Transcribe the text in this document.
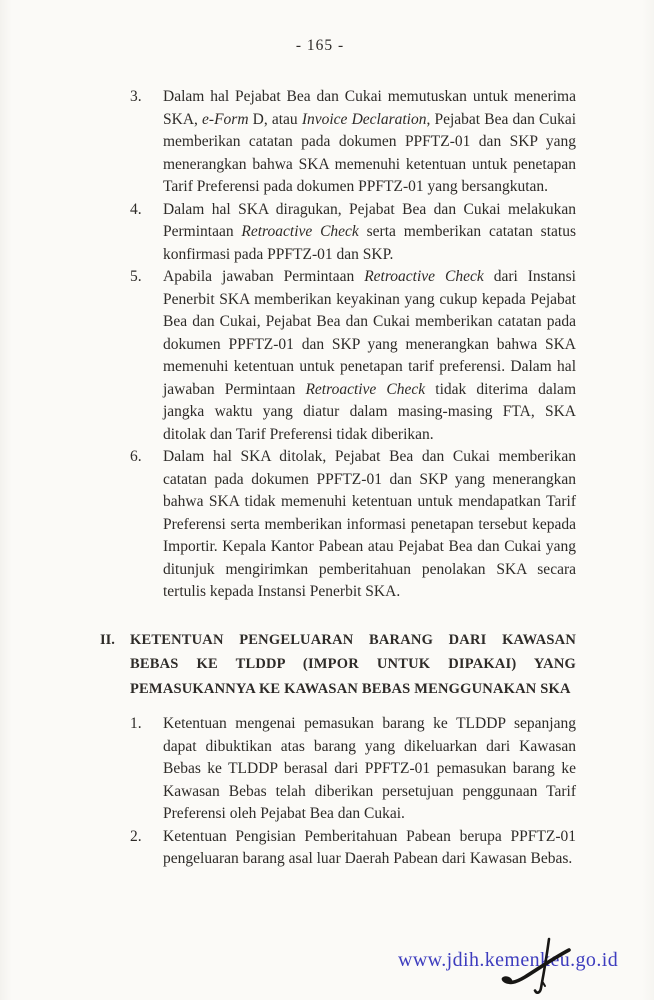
- 165 -
3.	Dalam hal Pejabat Bea dan Cukai memutuskan untuk menerima SKA, e-Form D, atau Invoice Declaration, Pejabat Bea dan Cukai memberikan catatan pada dokumen PPFTZ-01 dan SKP yang menerangkan bahwa SKA memenuhi ketentuan untuk penetapan Tarif Preferensi pada dokumen PPFTZ-01 yang bersangkutan.

4.	Dalam hal SKA diragukan, Pejabat Bea dan Cukai melakukan Permintaan Retroactive Check serta memberikan catatan status konfirmasi pada PPFTZ-01 dan SKP.

5.	Apabila jawaban Permintaan Retroactive Check dari Instansi Penerbit SKA memberikan keyakinan yang cukup kepada Pejabat Bea dan Cukai, Pejabat Bea dan Cukai memberikan catatan pada dokumen PPFTZ-01 dan SKP yang menerangkan bahwa SKA memenuhi ketentuan untuk penetapan tarif preferensi. Dalam hal jawaban Permintaan Retroactive Check tidak diterima dalam jangka waktu yang diatur dalam masing-masing FTA, SKA ditolak dan Tarif Preferensi tidak diberikan.

6.	Dalam hal SKA ditolak, Pejabat Bea dan Cukai memberikan catatan pada dokumen PPFTZ-01 dan SKP yang menerangkan bahwa SKA tidak memenuhi ketentuan untuk mendapatkan Tarif Preferensi serta memberikan informasi penetapan tersebut kepada Importir. Kepala Kantor Pabean atau Pejabat Bea dan Cukai yang ditunjuk mengirimkan pemberitahuan penolakan SKA secara tertulis kepada Instansi Penerbit SKA.

II.	KETENTUAN PENGELUARAN BARANG DARI KAWASAN BEBAS KE TLDDP (IMPOR UNTUK DIPAKAI) YANG PEMASUKANNYA KE KAWASAN BEBAS MENGGUNAKAN SKA

1.	Ketentuan mengenai pemasukan barang ke TLDDP sepanjang dapat dibuktikan atas barang yang dikeluarkan dari Kawasan Bebas ke TLDDP berasal dari PPFTZ-01 pemasukan barang ke Kawasan Bebas telah diberikan persetujuan penggunaan Tarif Preferensi oleh Pejabat Bea dan Cukai.

2.	Ketentuan Pengisian Pemberitahuan Pabean berupa PPFTZ-01 pengeluaran barang asal luar Daerah Pabean dari Kawasan Bebas.

www.jdih.kemenkeu.go.id
